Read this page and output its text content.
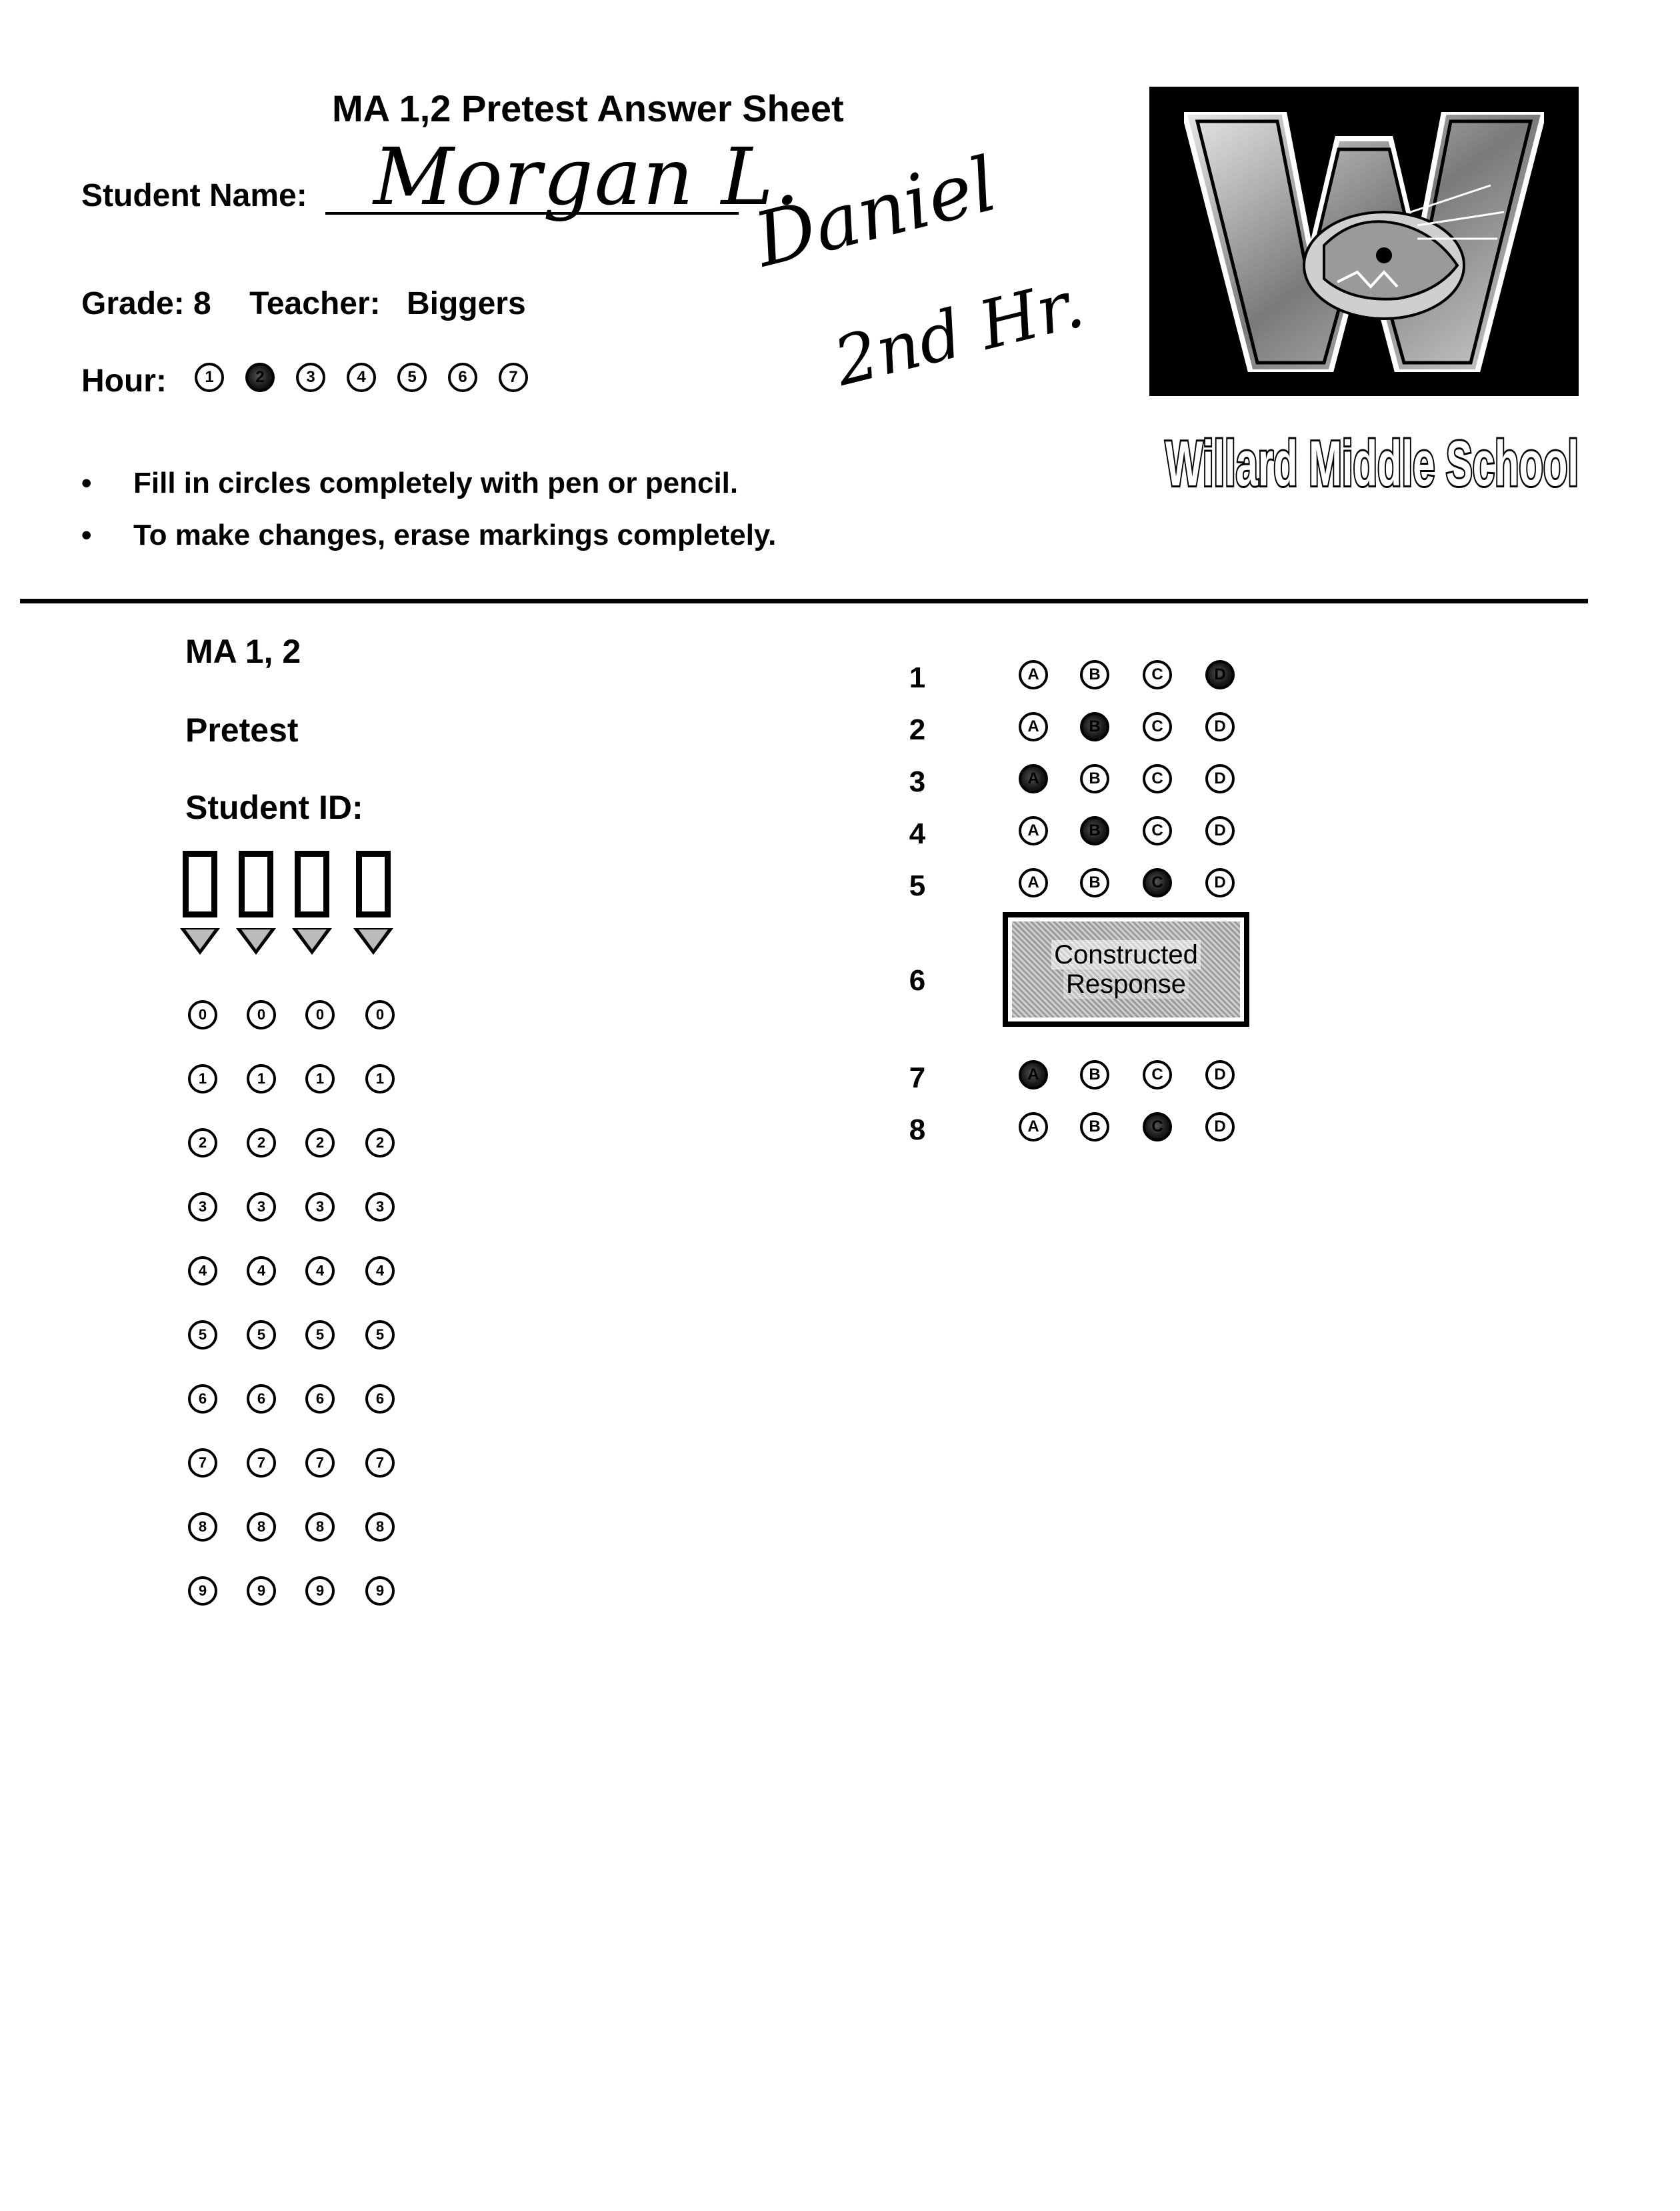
MA 1,2 Pretest Answer Sheet
Student Name: Morgan L.
Daniel
2nd Hr.
Grade: 8 Teacher: Biggers
Hour:	1	2	3	4	5	6	7
• Fill in circles completely with pen or pencil.
• To make changes, erase markings completely.
Willard Middle School
MA 1, 2
Pretest
Student ID:
0	0	0	0
1	1	1	1
2	2	2	2
3	3	3	3
4	4	4	4
5	5	5	5
6	6	6	6
7	7	7	7
8	8	8	8
9	9	9	9
1	A	B	C	D
2	A	B	C	D
3	A	B	C	D
4	A	B	C	D
5	A	B	C	D
6
7	A	B	C	D
8	A	B	C	D
Constructed
Response
